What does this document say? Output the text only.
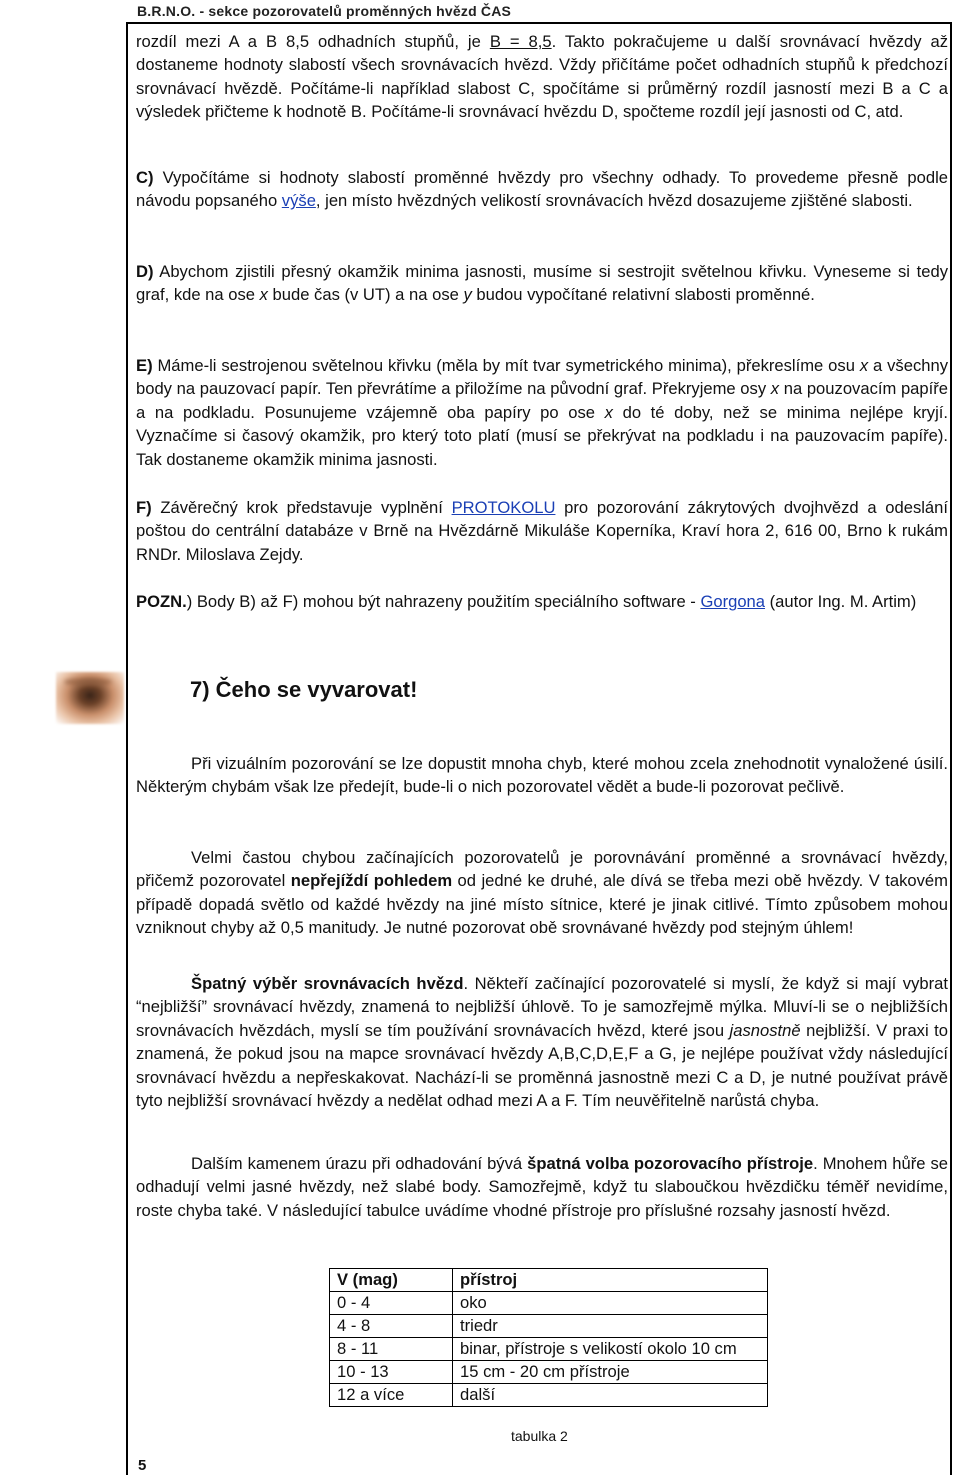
B.R.N.O. - sekce pozorovatelů proměnných hvězd ČAS

rozdíl mezi A a B 8,5 odhadních stupňů, je B = 8,5. Takto pokračujeme u další srovnávací hvězdy až dostaneme hodnoty slabostí všech srovnávacích hvězd. Vždy přičítáme počet odhadních stupňů k předchozí srovnávací hvězdě. Počítáme-li například slabost C, spočítáme si průměrný rozdíl jasností mezi B a C a výsledek přičteme k hodnotě B. Počítáme-li srovnávací hvězdu D, spočteme rozdíl její jasnosti od C, atd.

C) Vypočítáme si hodnoty slabostí proměnné hvězdy pro všechny odhady. To provedeme přesně podle návodu popsaného výše, jen místo hvězdných velikostí srovnávacích hvězd dosazujeme zjištěné slabosti.

D) Abychom zjistili přesný okamžik minima jasnosti, musíme si sestrojit světelnou křivku. Vyneseme si tedy graf, kde na ose x bude čas (v UT) a na ose y budou vypočítané relativní slabosti proměnné.

E) Máme-li sestrojenou světelnou křivku (měla by mít tvar symetrického minima), překreslíme osu x a všechny body na pauzovací papír. Ten převrátíme a přiložíme na původní graf. Překryjeme osy x na pouzovacím papíře a na podkladu. Posunujeme vzájemně oba papíry po ose x do té doby, než se minima nejlépe kryjí. Vyznačíme si časový okamžik, pro který toto platí (musí se překrývat na podkladu i na pauzovacím papíře). Tak dostaneme okamžik minima jasnosti.

F) Závěrečný krok představuje vyplnění PROTOKOLU pro pozorování zákrytových dvojhvězd a odeslání poštou do centrální databáze v Brně na Hvězdárně Mikuláše Koperníka, Kraví hora 2, 616 00, Brno k rukám RNDr. Miloslava Zejdy.

POZN.) Body B) až F) mohou být nahrazeny použitím speciálního software - Gorgona (autor Ing. M. Artim)

7) Čeho se vyvarovat!

Při vizuálním pozorování se lze dopustit mnoha chyb, které mohou zcela znehodnotit vynaložené úsilí. Některým chybám však lze předejít, bude-li o nich pozorovatel vědět a bude-li pozorovat pečlivě.

Velmi častou chybou začínajících pozorovatelů je porovnávání proměnné a srovnávací hvězdy, přičemž pozorovatel nepřejíždí pohledem od jedné ke druhé, ale dívá se třeba mezi obě hvězdy. V takovém případě dopadá světlo od každé hvězdy na jiné místo sítnice, které je jinak citlivé. Tímto způsobem mohou vzniknout chyby až 0,5 manitudy. Je nutné pozorovat obě srovnávané hvězdy pod stejným úhlem!

Špatný výběr srovnávacích hvězd. Někteří začínající pozorovatelé si myslí, že když si mají vybrat “nejbližší” srovnávací hvězdy, znamená to nejbližší úhlově. To je samozřejmě mýlka. Mluví-li se o nejbližších srovnávacích hvězdách, myslí se tím používání srovnávacích hvězd, které jsou jasnostně nejbližší. V praxi to znamená, že pokud jsou na mapce srovnávací hvězdy A,B,C,D,E,F a G, je nejlépe používat vždy následující srovnávací hvězdu a nepřeskakovat. Nachází-li se proměnná jasnostně mezi C a D, je nutné používat právě tyto nejbližší srovnávací hvězdy a nedělat odhad mezi A a F. Tím neuvěřitelně narůstá chyba.

Dalším kamenem úrazu při odhadování bývá špatná volba pozorovacího přístroje. Mnohem hůře se odhadují velmi jasné hvězdy, než slabé body. Samozřejmě, když tu slaboučkou hvězdičku téměř nevidíme, roste chyba také. V následující tabulce uvádíme vhodné přístroje pro příslušné rozsahy jasností hvězd.

V (mag)	přístroj
0 - 4	oko
4 - 8	triedr
8 - 11	binar, přístroje s velikostí okolo 10 cm
10 - 13	15 cm - 20 cm přístroje
12 a více	další
tabulka 2
5
